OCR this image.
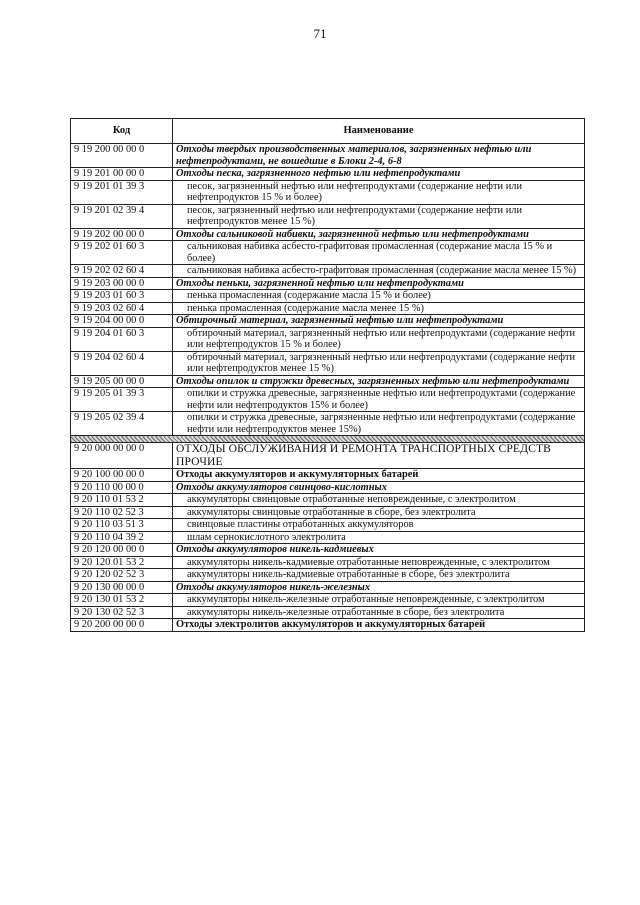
71
Код	Наименование
9 19 200 00 00 0	Отходы твердых производственных материалов, загрязненных нефтью или нефтепродуктами, не вошедшие в Блоки 2-4, 6-8
9 19 201 00 00 0	Отходы песка, загрязненного нефтью или нефтепродуктами
9 19 201 01 39 3	песок, загрязненный нефтью или нефтепродуктами (содержание нефти или нефтепродуктов 15 % и более)
9 19 201 02 39 4	песок, загрязненный нефтью или нефтепродуктами (содержание нефти или нефтепродуктов менее 15 %)
9 19 202 00 00 0	Отходы сальниковой набивки, загрязненной нефтью или нефтепродуктами
9 19 202 01 60 3	сальниковая набивка асбесто-графитовая промасленная (содержание масла 15 % и более)
9 19 202 02 60 4	сальниковая набивка асбесто-графитовая промасленная (содержание масла менее 15 %)
9 19 203 00 00 0	Отходы пеньки, загрязненной нефтью или нефтепродуктами
9 19 203 01 60 3	пенька промасленная (содержание масла 15 % и более)
9 19 203 02 60 4	пенька промасленная (содержание масла менее 15 %)
9 19 204 00 00 0	Обтирочный материал, загрязненный нефтью или нефтепродуктами
9 19 204 01 60 3	обтирочный материал, загрязненный нефтью или нефтепродуктами (содержание нефти или нефтепродуктов 15 % и более)
9 19 204 02 60 4	обтирочный материал, загрязненный нефтью или нефтепродуктами (содержание нефти или нефтепродуктов менее 15 %)
9 19 205 00 00 0	Отходы опилок и стружки древесных, загрязненных нефтью или нефтепродуктами
9 19 205 01 39 3	опилки и стружка древесные, загрязненные нефтью или нефтепродуктами (содержание нефти или нефтепродуктов 15% и более)
9 19 205 02 39 4	опилки и стружка древесные, загрязненные нефтью или нефтепродуктами (содержание нефти или нефтепродуктов менее 15%)

9 20 000 00 00 0	ОТХОДЫ ОБСЛУЖИВАНИЯ И РЕМОНТА ТРАНСПОРТНЫХ СРЕДСТВ ПРОЧИЕ
9 20 100 00 00 0	Отходы аккумуляторов и аккумуляторных батарей
9 20 110 00 00 0	Отходы аккумуляторов свинцово-кислотных
9 20 110 01 53 2	аккумуляторы свинцовые отработанные неповрежденные, с электролитом
9 20 110 02 52 3	аккумуляторы свинцовые отработанные в сборе, без электролита
9 20 110 03 51 3	свинцовые пластины отработанных аккумуляторов
9 20 110 04 39 2	шлам сернокислотного электролита
9 20 120 00 00 0	Отходы аккумуляторов никель-кадмиевых
9 20 120 01 53 2	аккумуляторы никель-кадмиевые отработанные неповрежденные, с электролитом
9 20 120 02 52 3	аккумуляторы никель-кадмиевые отработанные в сборе, без электролита
9 20 130 00 00 0	Отходы аккумуляторов никель-железных
9 20 130 01 53 2	аккумуляторы никель-железные отработанные неповрежденные, с электролитом
9 20 130 02 52 3	аккумуляторы никель-железные отработанные в сборе, без электролита
9 20 200 00 00 0	Отходы электролитов аккумуляторов и аккумуляторных батарей
